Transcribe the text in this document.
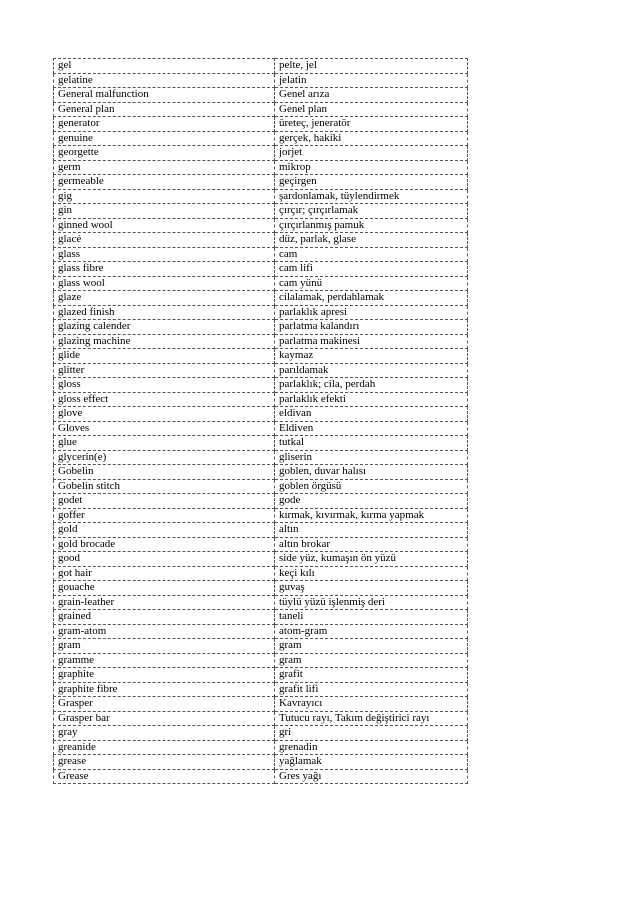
gel	pelte, jel
gelatine	jelatin
General malfunction	Genel arıza
General plan	Genel plan
generator	üreteç, jeneratör
genuine	gerçek, hakiki
georgette	jorjet
germ	mikrop
germeable	geçirgen
gig	şardonlamak, tüylendirmek
gin	çırçır; çırçırlamak
ginned wool	çırçırlanmış pamuk
glacé	düz, parlak, glase
glass	cam
glass fibre	cam lifi
glass wool	cam yünü
glaze	cilalamak, perdahlamak
glazed finish	parlaklık apresi
glazing calender	parlatma kalandırı
glazing machine	parlatma makinesi
glide	kaymaz
glitter	parıldamak
gloss	parlaklık; cila, perdah
gloss effect	parlaklık efekti
glove	eldivan
Gloves	Eldiven
glue	tutkal
glycerin(e)	gliserin
Gobelin	goblen, duvar halısı
Gobelin stitch	goblen örgüsü
godet	gode
goffer	kırmak, kıvırmak, kırma yapmak
gold	altın
gold brocade	altın brokar
good	side yüz, kumaşın ön yüzü
got hair	keçi kılı
gouache	guvaş
grain-leather	tüylü yüzü işlenmiş deri
grained	taneli
gram-atom	atom-gram
gram	gram
gramme	gram
graphite	grafit
graphite fibre	grafit lifi
Grasper	Kavrayıcı
Grasper bar	Tutucu rayı, Takım değiştirici rayı
gray	gri
greanide	grenadin
grease	yağlamak
Grease	Gres yağı
